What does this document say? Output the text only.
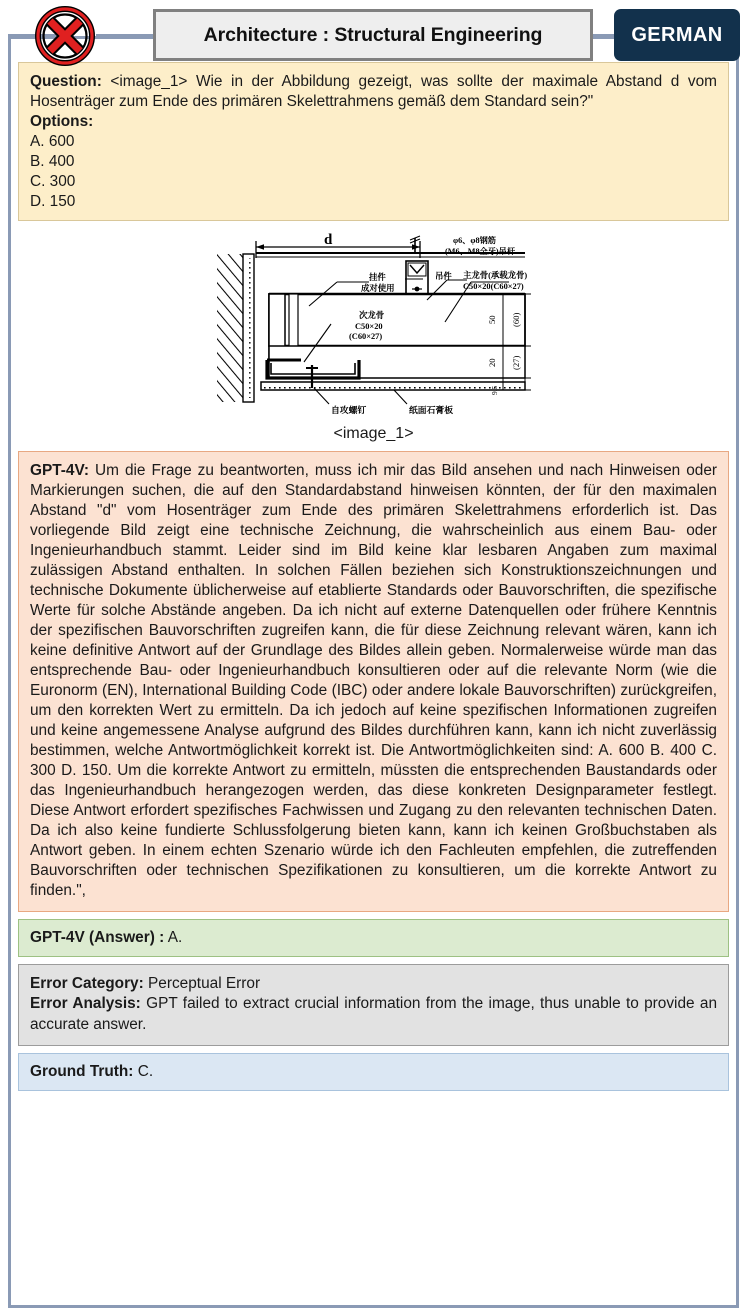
Architecture : Structural Engineering	GERMAN
Question: <image_1> Wie in der Abbildung gezeigt, was sollte der maximale Abstand d vom Hosenträger zum Ende des primären Skelettrahmens gemäß dem Standard sein?"
Options:
A. 600
B. 400
C. 300
D. 150
d	φ6、φ8钢筋
(M6、M8全牙)吊杆
挂件
成对使用
吊件 主龙骨(承载龙骨)
C50×20(C60×27)
次龙骨
C50×20
(C60×27)
自攻螺钉	纸面石膏板
50 (60)
20 (27)
9.5
<image_1>
GPT-4V: Um die Frage zu beantworten, muss ich mir das Bild ansehen und nach Hinweisen oder Markierungen suchen, die auf den Standardabstand hinweisen könnten, der für den maximalen Abstand "d" vom Hosenträger zum Ende des primären Skelettrahmens erforderlich ist. Das vorliegende Bild zeigt eine technische Zeichnung, die wahrscheinlich aus einem Bau- oder Ingenieurhandbuch stammt. Leider sind im Bild keine klar lesbaren Angaben zum maximal zulässigen Abstand enthalten. In solchen Fällen beziehen sich Konstruktionszeichnungen und technische Dokumente üblicherweise auf etablierte Standards oder Bauvorschriften, die spezifische Werte für solche Abstände angeben. Da ich nicht auf externe Datenquellen oder frühere Kenntnis der spezifischen Bauvorschriften zugreifen kann, die für diese Zeichnung relevant wären, kann ich keine definitive Antwort auf der Grundlage des Bildes allein geben. Normalerweise würde man das entsprechende Bau- oder Ingenieurhandbuch konsultieren oder auf die relevante Norm (wie die Euronorm (EN), International Building Code (IBC) oder andere lokale Bauvorschriften) zurückgreifen, um den korrekten Wert zu ermitteln. Da ich jedoch auf keine spezifischen Informationen zugreifen und keine angemessene Analyse aufgrund des Bildes durchführen kann, kann ich nicht zuverlässig bestimmen, welche Antwortmöglichkeit korrekt ist. Die Antwortmöglichkeiten sind: A. 600 B. 400 C. 300 D. 150. Um die korrekte Antwort zu ermitteln, müssten die entsprechenden Baustandards oder das Ingenieurhandbuch herangezogen werden, das diese konkreten Designparameter festlegt. Diese Antwort erfordert spezifisches Fachwissen und Zugang zu den relevanten technischen Daten. Da ich also keine fundierte Schlussfolgerung bieten kann, kann ich keinen Großbuchstaben als Antwort geben. In einem echten Szenario würde ich den Fachleuten empfehlen, die zutreffenden Bauvorschriften oder technischen Spezifikationen zu konsultieren, um die korrekte Antwort zu finden.",
GPT-4V (Answer) : A.
Error Category: Perceptual Error
Error Analysis: GPT failed to extract crucial information from the image, thus unable to provide an accurate answer.
Ground Truth: C.
